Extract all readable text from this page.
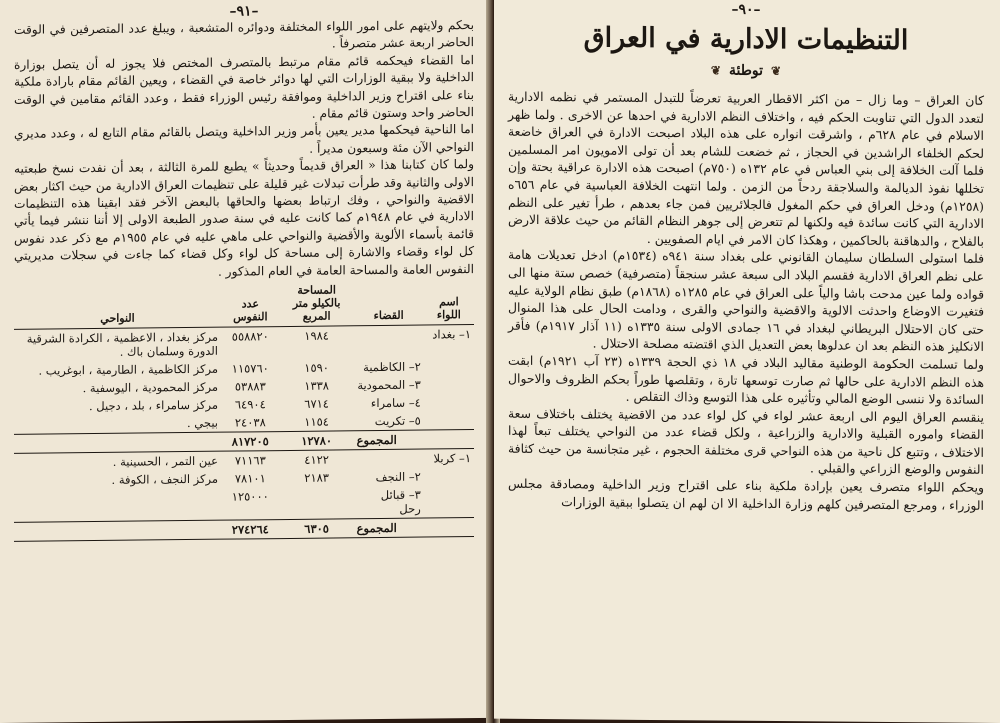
–٩١–

بحكم ولايتهم على امور اللواء المختلفة ودوائره المتشعبة ، ويبلغ عدد المتصرفين في الوقت الحاضر اربعة عشر متصرفاً .

اما القضاء فيحكمه قائم مقام مرتبط بالمتصرف المختص فلا يجوز له أن يتصل بوزارة الداخلية ولا ببقية الوزارات التي لها دوائر خاصة في القضاء ، ويعين القائم مقام بارادة ملكية بناء على اقتراح وزير الداخلية وموافقة رئيس الوزراء فقط ، وعدد القائم مقامين في الوقت الحاضر واحد وستون قائم مقام .

اما الناحية فيحكمها مدير يعين بأمر وزير الداخلية ويتصل بالقائم مقام التابع له ، وعدد مديري النواحي الآن مئة وسبعون مديراً .

ولما كان كتابنا هذا « العراق قديماً وحديثاً » يطبع للمرة الثالثة ، بعد أن نفدت نسخ طبعتيه الاولى والثانية وقد طرأت تبدلات غير قليلة على تنظيمات العراق الادارية من حيث اكثار بعض الاقضية والنواحي ، وفك ارتباط بعضها والحاقها بالبعض الآخر فقد ابقينا هذه التنظيمات الادارية في عام ١٩٤٨م كما كانت عليه في سنة صدور الطبعة الاولى إلا أننا ننشر فيما يأتي قائمة بأسماء الألوية والأقضية والنواحي على ماهي عليه في عام ١٩٥٥م مع ذكر عدد نفوس كل لواء وقضاء والاشارة إلى مساحة كل لواء وكل قضاء كما جاءت في سجلات مديريتي النفوس العامة والمساحة العامة في العام المذكور .

اسم اللواء	القضاء	المساحة بالكيلو متر المربع	عدد النفوس	النواحي
١– بغداد		١٩٨٤	٥٥٨٨٢٠	مركز بغداد ، الاعظمية ، الكرادة الشرقية الدورة وسلمان باك .
	٢– الكاظمية	١٥٩٠	١١٥٧٦٠	مركز الكاظمية ، الطارمية ، ابوغريب .
	٣– المحمودية	١٣٣٨	٥٣٨٨٣	مركز المحمودية ، اليوسفية .
	٤– سامراء	٦٧١٤	٦٤٩٠٤	مركز سامراء ، بلد ، دجيل .
	٥– تكريت	١١٥٤	٢٤٠٣٨	بيجي .
المجموع		١٢٧٨٠	٨١٧٢٠٥	
١– كربلا		٤١٢٢	٧١١٦٣	عين التمر ، الحسينية .
	٢– النجف	٢١٨٣	٧٨١٠١	مركز النجف ، الكوفة .
	٣– قبائل رحل		١٢٥٠٠٠	
المجموع		٦٣٠٥	٢٧٤٢٦٤	
–٩٠–
التنظيمات الادارية في العراق
❦توطئة❦

كان العراق – وما زال – من اكثر الاقطار العربية تعرضاً للتبدل المستمر في نظمه الادارية لتعدد الدول التي تناوبت الحكم فيه ، واختلاف النظم الادارية في احدها عن الاخرى . ولما ظهر الاسلام في عام ٦٢٨م ، واشرقت انواره على هذه البلاد اصبحت الادارة في العراق خاضعة لحكم الخلفاء الراشدين في الحجاز ، ثم خضعت للشام بعد أن تولى الامويون امر المسلمين فلما آلت الخلافة إلى بني العباس في عام ١٣٢ه (٧٥٠م) اصبحت هذه الادارة عراقية بحتة وإن تخللها نفوذ الديالمة والسلاجقة ردحاً من الزمن . ولما انتهت الخلافة العباسية في عام ٦٥٦ه (١٢٥٨م) ودخل العراق في حكم المغول فالجلائريين فمن جاء بعدهم ، طرأ تغير على النظم الادارية التي كانت سائدة فيه ولكنها لم تتعرض إلى جوهر النظام القائم من حيث علاقة الارض بالفلاح ، والدهاقنة بالحاكمين ، وهكذا كان الامر في ايام الصفويين .

فلما استولى السلطان سليمان القانوني على بغداد سنة ٩٤١ه (١٥٣٤م) ادخل تعديلات هامة على نظم العراق الادارية فقسم البلاد الى سبعة عشر سنجقاً (متصرفية) خصص ستة منها الى قواده ولما عين مدحت باشا والياً على العراق في عام ١٢٨٥ه (١٨٦٨م) طبق نظام الولاية عليه فتغيرت الاوضاع واحدثت الالوية والاقضية والنواحي والقرى ، ودامت الحال على هذا المنوال حتى كان الاحتلال البريطاني لبغداد في ١٦ جمادى الاولى سنة ١٣٣٥ه (١١ آذار ١٩١٧م) فأقر الانكليز هذه النظم بعد ان عدلوها بعض التعديل الذي اقتضته مصلحة الاحتلال .

ولما تسلمت الحكومة الوطنية مقاليد البلاد في ١٨ ذي الحجة ١٣٣٩ه (٢٣ آب ١٩٢١م) ابقت هذه النظم الادارية على حالها ثم صارت توسعها تارة ، وتقلصها طوراً بحكم الظروف والاحوال السائدة ولا ننسى الوضع المالي وتأثيره على هذا التوسع وذاك التقلص .

ينقسم العراق اليوم الى اربعة عشر لواء في كل لواء عدد من الاقضية يختلف باختلاف سعة القضاء واموره القبلية والادارية والزراعية ، ولكل قضاء عدد من النواحي يختلف تبعاً لهذا الاختلاف ، وتتبع كل ناحية من هذه النواحي قرى مختلفة الحجوم ، غير متجانسة من حيث كثافة النفوس والوضع الزراعي والقبلي .

ويحكم اللواء متصرف يعين بإرادة ملكية بناء على اقتراح وزير الداخلية ومصادقة مجلس الوزراء ، ومرجع المتصرفين كلهم وزارة الداخلية الا ان لهم ان يتصلوا ببقية الوزارات
